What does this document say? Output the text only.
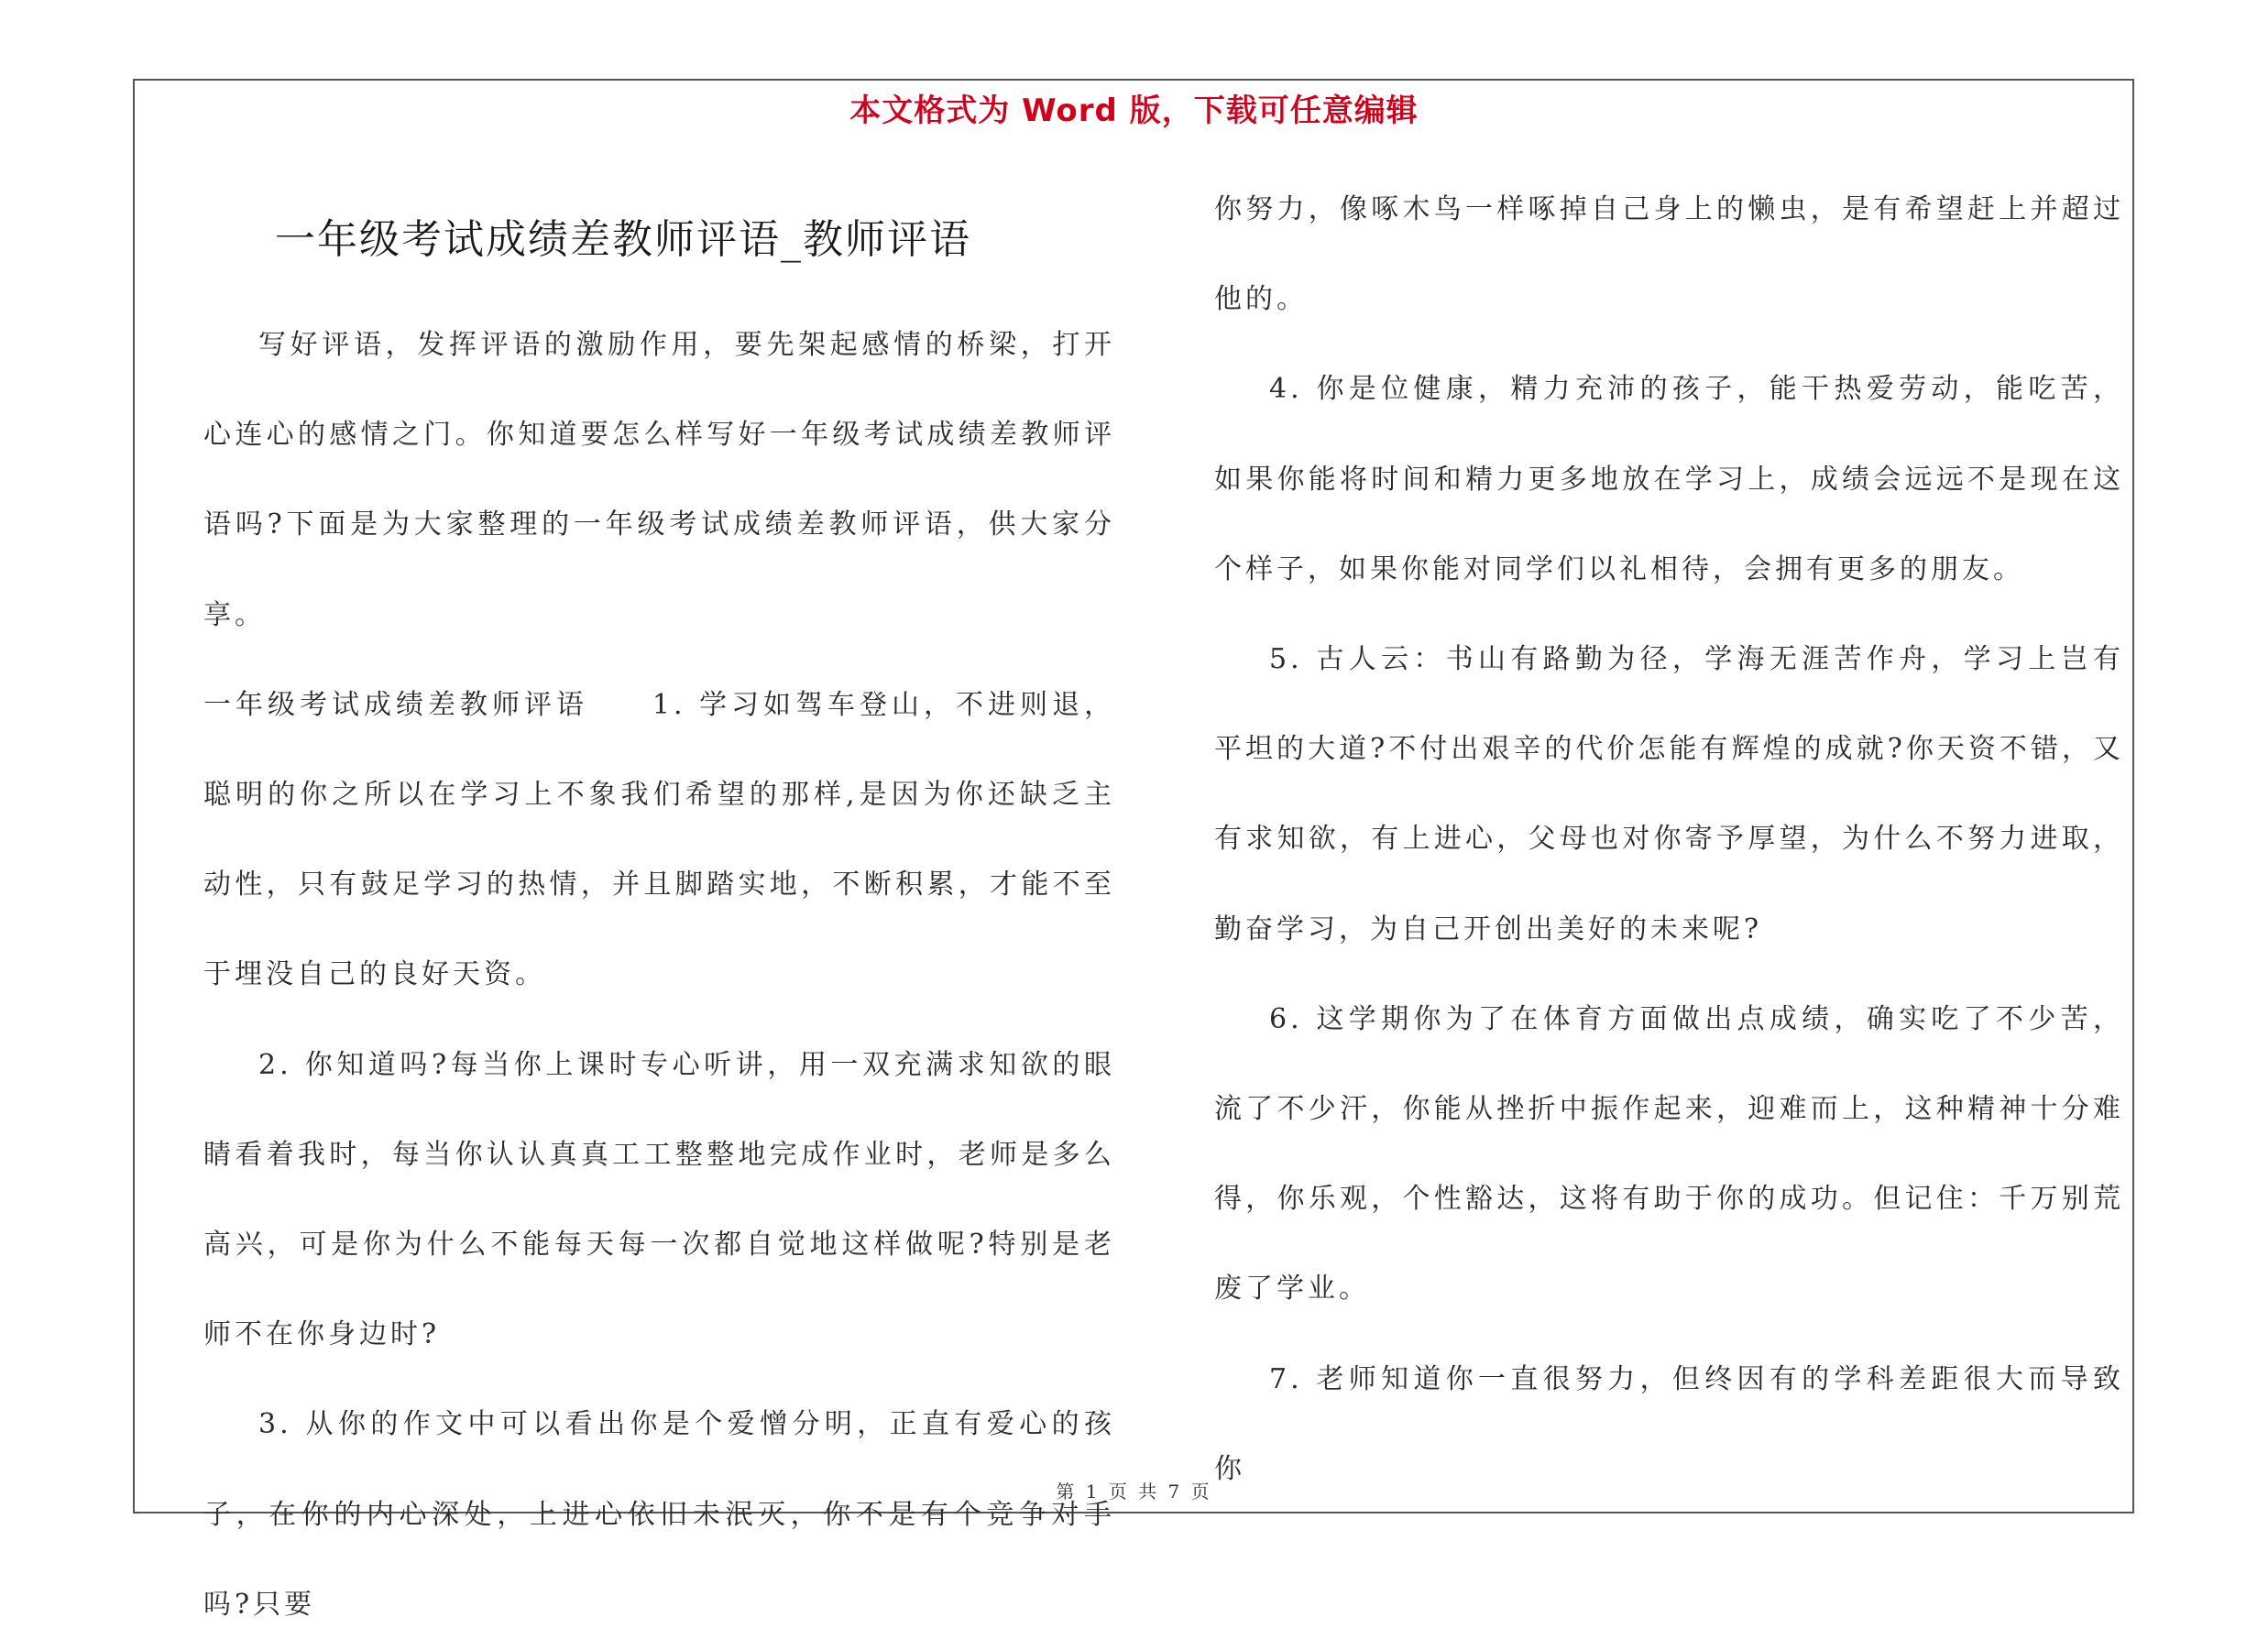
本文格式为 Word 版，下载可任意编辑
一年级考试成绩差教师评语_教师评语

写好评语，发挥评语的激励作用，要先架起感情的桥梁，打开心连心的感情之门。你知道要怎么样写好一年级考试成绩差教师评语吗?下面是为大家整理的一年级考试成绩差教师评语，供大家分享。

一年级考试成绩差教师评语　　1. 学习如驾车登山，不进则退，聪明的你之所以在学习上不象我们希望的那样,是因为你还缺乏主动性，只有鼓足学习的热情，并且脚踏实地，不断积累，才能不至于埋没自己的良好天资。

2. 你知道吗?每当你上课时专心听讲，用一双充满求知欲的眼睛看着我时，每当你认认真真工工整整地完成作业时，老师是多么高兴，可是你为什么不能每天每一次都自觉地这样做呢?特别是老师不在你身边时?

3. 从你的作文中可以看出你是个爱憎分明，正直有爱心的孩子，在你的内心深处，上进心依旧未泯灭，你不是有个竞争对手吗?只要

你努力，像啄木鸟一样啄掉自己身上的懒虫，是有希望赶上并超过他的。

4. 你是位健康，精力充沛的孩子，能干热爱劳动，能吃苦，如果你能将时间和精力更多地放在学习上，成绩会远远不是现在这个样子，如果你能对同学们以礼相待，会拥有更多的朋友。

5. 古人云：书山有路勤为径，学海无涯苦作舟，学习上岂有平坦的大道?不付出艰辛的代价怎能有辉煌的成就?你天资不错，又有求知欲，有上进心，父母也对你寄予厚望，为什么不努力进取，勤奋学习，为自己开创出美好的未来呢?

6. 这学期你为了在体育方面做出点成绩，确实吃了不少苦，流了不少汗，你能从挫折中振作起来，迎难而上，这种精神十分难得，你乐观，个性豁达，这将有助于你的成功。但记住：千万别荒废了学业。

7. 老师知道你一直很努力，但终因有的学科差距很大而导致你

第 1 页 共 7 页
